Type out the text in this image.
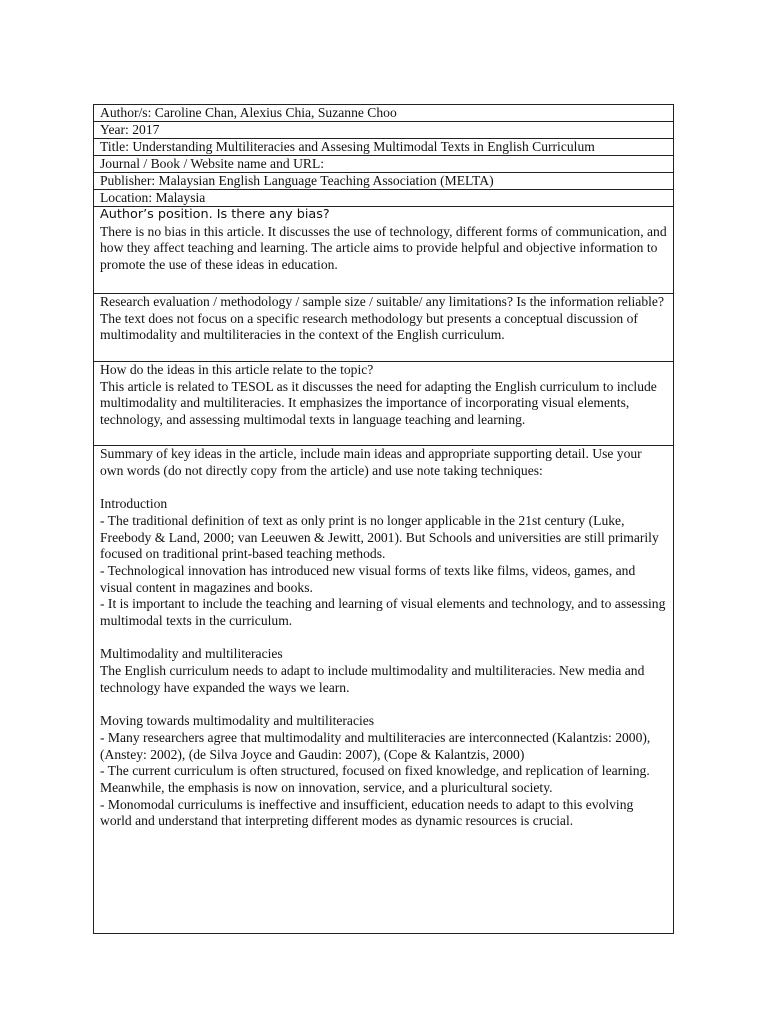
Author/s: Caroline Chan, Alexius Chia, Suzanne Choo
Year: 2017
Title: Understanding Multiliteracies and Assesing Multimodal Texts in English Curriculum
Journal / Book / Website name and URL:
Publisher: Malaysian English Language Teaching Association (MELTA)
Location: Malaysia

Author’s position. Is there any bias?

There is no bias in this article. It discusses the use of technology, different forms of communication, and how they affect teaching and learning. The article aims to provide helpful and objective information to promote the use of these ideas in education.

Research evaluation / methodology / sample size / suitable/ any limitations? Is the information reliable?

The text does not focus on a specific research methodology but presents a conceptual discussion of multimodality and multiliteracies in the context of the English curriculum.

How do the ideas in this article relate to the topic?

This article is related to TESOL as it discusses the need for adapting the English curriculum to include multimodality and multiliteracies. It emphasizes the importance of incorporating visual elements, technology, and assessing multimodal texts in language teaching and learning.

Summary of key ideas in the article, include main ideas and appropriate supporting detail. Use your own words (do not directly copy from the article) and use note taking techniques:

Introduction

- The traditional definition of text as only print is no longer applicable in the 21st century (Luke, Freebody & Land, 2000; van Leeuwen & Jewitt, 2001). But Schools and universities are still primarily focused on traditional print-based teaching methods.

- Technological innovation has introduced new visual forms of texts like films, videos, games, and visual content in magazines and books.

- It is important to include the teaching and learning of visual elements and technology, and to assessing multimodal texts in the curriculum.

Multimodality and multiliteracies

The English curriculum needs to adapt to include multimodality and multiliteracies. New media and technology have expanded the ways we learn.

Moving towards multimodality and multiliteracies

- Many researchers agree that multimodality and multiliteracies are interconnected (Kalantzis: 2000), (Anstey: 2002), (de Silva Joyce and Gaudin: 2007), (Cope & Kalantzis, 2000)

- The current curriculum is often structured, focused on fixed knowledge, and replication of learning. Meanwhile, the emphasis is now on innovation, service, and a pluricultural society.

- Monomodal curriculums is ineffective and insufficient, education needs to adapt to this evolving world and understand that interpreting different modes as dynamic resources is crucial.
